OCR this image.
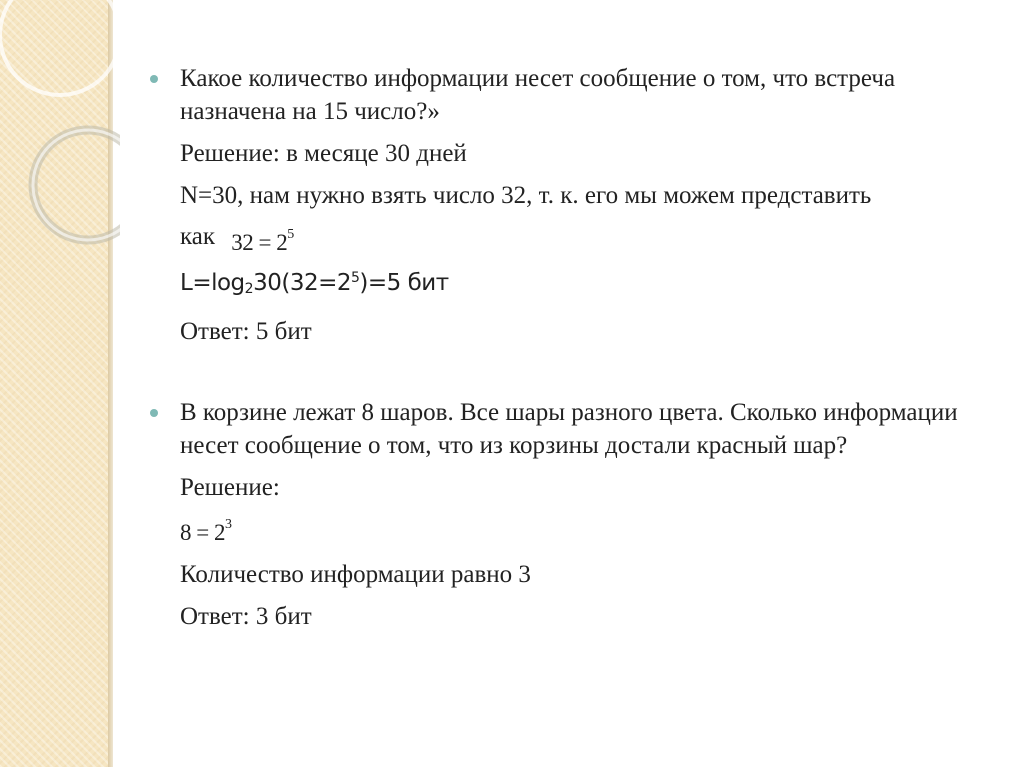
Какое количество информации несет сообщение о том, что встреча назначена на 15 число?»
Решение: в месяце 30 дней
N=30, нам нужно взять число 32, т. к. его мы можем представить
как $32 = 2^5$
$L=\log_230(32=2^5)=5$ бит
Ответ: 5 бит
В корзине лежат 8 шаров. Все шары разного цвета. Сколько информации несет сообщение о том, что из корзины достали красный шар?
Решение:
$8 = 2^3$
Количество информации равно 3
Ответ: 3 бит
